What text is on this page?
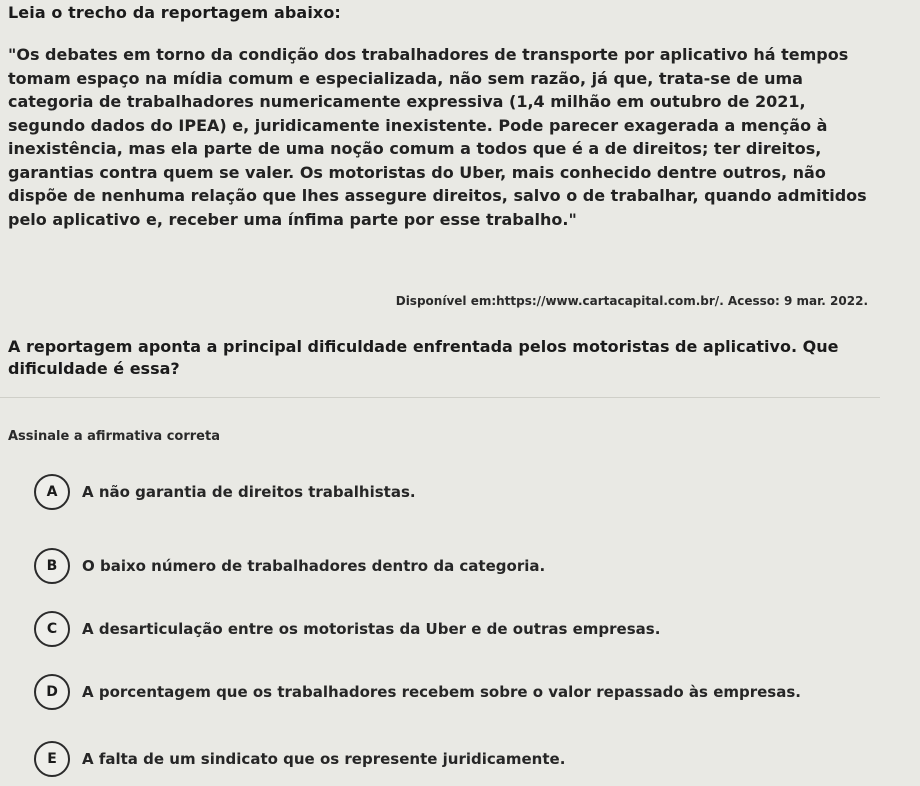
Leia o trecho da reportagem abaixo:
"Os debates em torno da condição dos trabalhadores de transporte por aplicativo há tempos tomam espaço na mídia comum e especializada, não sem razão, já que, trata-se de uma categoria de trabalhadores numericamente expressiva (1,4 milhão em outubro de 2021, segundo dados do IPEA) e, juridicamente inexistente. Pode parecer exagerada a menção à inexistência, mas ela parte de uma noção comum a todos que é a de direitos; ter direitos, garantias contra quem se valer. Os motoristas do Uber, mais conhecido dentre outros, não dispõe de nenhuma relação que lhes assegure direitos, salvo o de trabalhar, quando admitidos pelo aplicativo e, receber uma ínfima parte por esse trabalho."
Disponível em:https://www.cartacapital.com.br/. Acesso: 9 mar. 2022.
A reportagem aponta a principal dificuldade enfrentada pelos motoristas de aplicativo. Que dificuldade é essa?
Assinale a afirmativa correta
A	A não garantia de direitos trabalhistas.
B	O baixo número de trabalhadores dentro da categoria.
C	A desarticulação entre os motoristas da Uber e de outras empresas.
D	A porcentagem que os trabalhadores recebem sobre o valor repassado às empresas.
E	A falta de um sindicato que os represente juridicamente.
